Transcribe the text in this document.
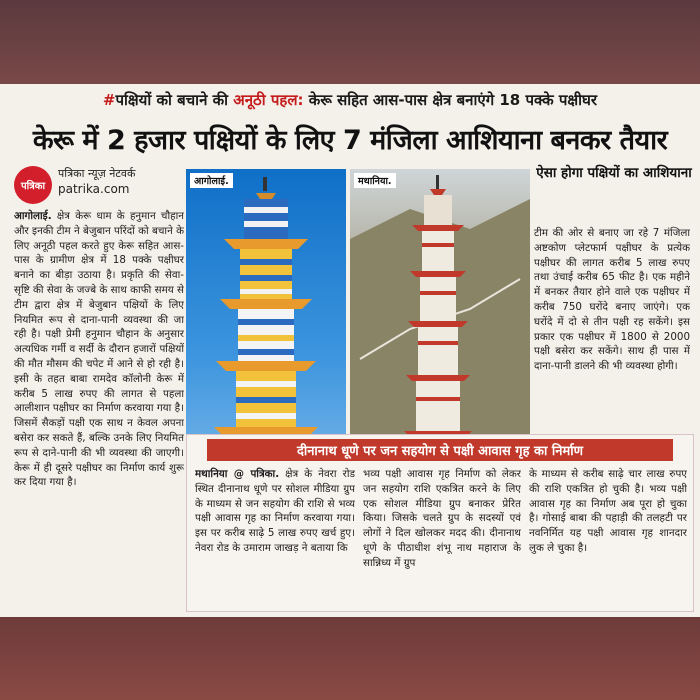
#पक्षियों को बचाने की अनूठी पहल: केरू सहित आस-पास क्षेत्र बनाएंगे 18 पक्के पक्षीघर
केरू में 2 हजार पक्षियों के लिए 7 मंजिला आशियाना बनकर तैयार
पत्रिका
पत्रिका न्यूज़ नेटवर्क
patrika.com

आगोलाई. क्षेत्र केरू धाम के हनुमान चौहान और इनकी टीम ने बेजुबान परिंदों को बचाने के लिए अनूठी पहल करते हुए केरू सहित आस-पास के ग्रामीण क्षेत्र में 18 पक्के पक्षीघर बनाने का बीड़ा उठाया है। प्रकृति की सेवा-सृष्टि की सेवा के जज्बे के साथ काफी समय से टीम द्वारा क्षेत्र में बेजुबान पक्षियों के लिए नियमित रूप से दाना-पानी व्यवस्था की जा रही है। पक्षी प्रेमी हनुमान चौहान के अनुसार अत्यधिक गर्मी व सर्दी के दौरान हजारों पक्षियों की मौत मौसम की चपेट में आने से हो रही है। इसी के तहत बाबा रामदेव कॉलोनी केरू में करीब 5 लाख रुपए की लागत से पहला आलीशान पक्षीघर का निर्माण करवाया गया है। जिसमें सैकड़ों पक्षी एक साथ न केवल अपना बसेरा कर सकते हैं, बल्कि उनके लिए नियमित रूप से दाने-पानी की भी व्यवस्था की जाएगी। केरू में ही दूसरे पक्षीघर का निर्माण कार्य शुरू कर दिया गया है।

आगोलाई.	मथानिया.
ऐसा होगा पक्षियों का आशियाना
टीम की ओर से बनाए जा रहे 7 मंजिला अष्टकोण प्लेटफार्म पक्षीघर के प्रत्येक पक्षीघर की लागत करीब 5 लाख रुपए तथा उंचाई करीब 65 फीट है। एक महीने में बनकर तैयार होने वाले एक पक्षीघर में करीब 750 घरोंदे बनाए जाएंगे। एक घरोंदे में दो से तीन पक्षी रह सकेंगे। इस प्रकार एक पक्षीघर में 1800 से 2000 पक्षी बसेरा कर सकेंगे। साथ ही पास में दाना-पानी डालने की भी व्यवस्था होगी।
दीनानाथ धूणे पर जन सहयोग से पक्षी आवास गृह का निर्माण
मथानिया @ पत्रिका. क्षेत्र के नेवरा रोड स्थित दीनानाथ धूणे पर सोशल मीडिया ग्रुप के माध्यम से जन सहयोग की राशि से भव्य पक्षी आवास गृह का निर्माण करवाया गया। इस पर करीब साढ़े 5 लाख रुपए खर्च हुए। नेवरा रोड के उमाराम जाखड़ ने बताया कि
भव्य पक्षी आवास गृह निर्माण को लेकर जन सहयोग राशि एकत्रित करने के लिए एक सोशल मीडिया ग्रुप बनाकर प्रेरित किया। जिसके चलते ग्रुप के सदस्यों एवं लोगों ने दिल खोलकर मदद की। दीनानाथ धूणे के पीठाधीश शंभू नाथ महाराज के सान्निध्य में ग्रुप
के माध्यम से करीब साढ़े चार लाख रुपए की राशि एकत्रित हो चुकी है। भव्य पक्षी आवास गृह का निर्माण अब पूरा हो चुका है। गोसाई बाबा की पहाड़ी की तलहटी पर नवनिर्मित यह पक्षी आवास गृह शानदार लुक ले चुका है।
